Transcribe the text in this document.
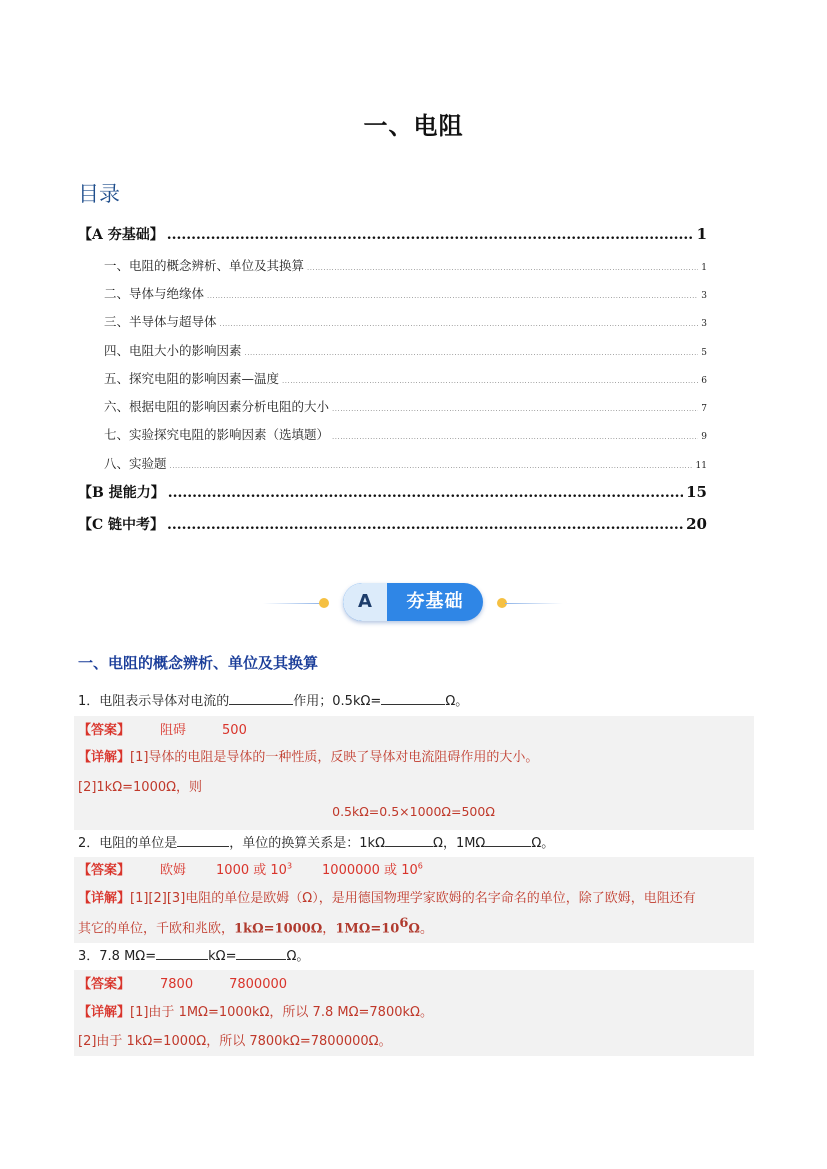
一、电阻
目录
【A 夯基础】 .....	1
一、电阻的概念辨析、单位及其换算 .....	1
二、导体与绝缘体 .....	3
三、半导体与超导体 .....	3
四、电阻大小的影响因素 .....	5
五、探究电阻的影响因素—温度 .....	6
六、根据电阻的影响因素分析电阻的大小 .....	7
七、实验探究电阻的影响因素（选填题） .....	9
八、实验题 .....	11
【B 提能力】 .....	15
【C 链中考】 .....	20
A	夯基础
一、电阻的概念辨析、单位及其换算
1．电阻表示导体对电流的	作用；0.5kΩ=	Ω。
【答案】 阻碍	500
【详解】[1]导体的电阻是导体的一种性质，反映了导体对电流阻碍作用的大小。
[2]1kΩ=1000Ω，则
0.5kΩ=0.5×1000Ω=500Ω
2．电阻的单位是	，单位的换算关系是：1kΩ	Ω，1MΩ	Ω。
【答案】 欧姆 1000 或 $10^3$ 1000000 或 $10^6$
【详解】[1][2][3]电阻的单位是欧姆（Ω），是用德国物理学家欧姆的名字命名的单位，除了欧姆，电阻还有
其它的单位，千欧和兆欧，1kΩ=1000Ω，$1M\Omega=10^6\Omega$。
3．7.8 MΩ=	kΩ=	Ω。
【答案】 7800	7800000
【详解】[1]由于 1MΩ=1000kΩ，所以 7.8 MΩ=7800kΩ。
[2]由于 1kΩ=1000Ω，所以 7800kΩ=7800000Ω。
